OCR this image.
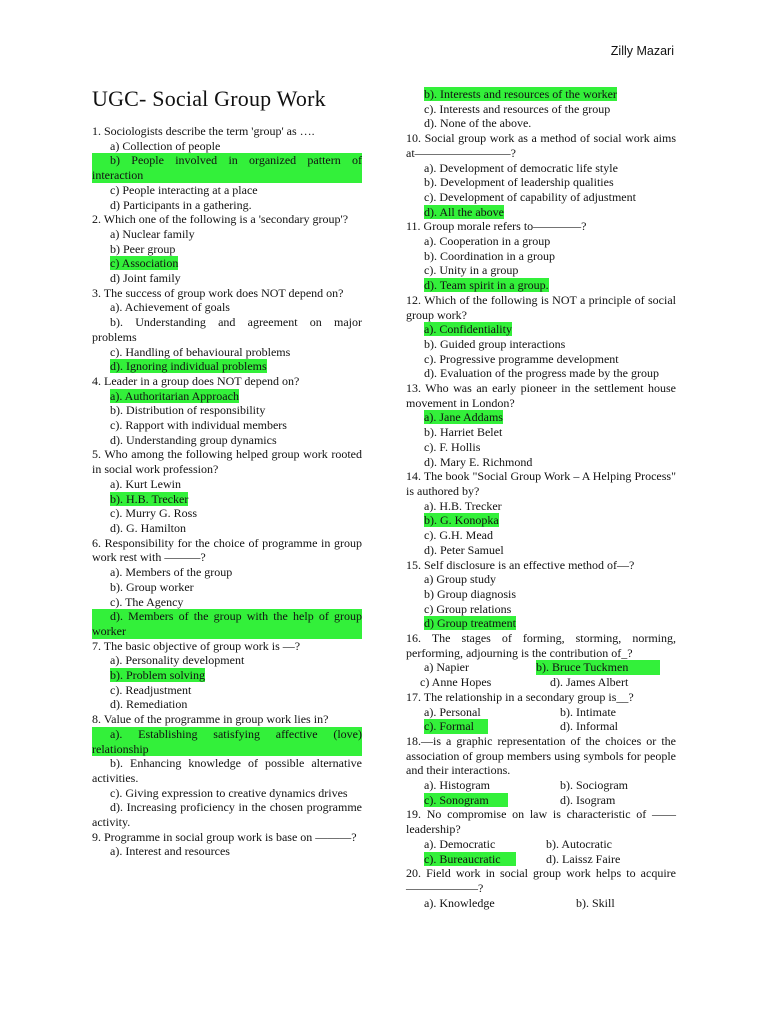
Zilly Mazari
UGC- Social Group Work
1. Sociologists describe the term 'group' as ….
a) Collection of people
b) People involved in organized pattern of interaction
c) People interacting at a place
d) Participants in a gathering.
2. Which one of the following is a 'secondary group'?
a) Nuclear family
b) Peer group
c) Association
d) Joint family
3. The success of group work does NOT depend on?
a). Achievement of goals
b). Understanding and agreement on major problems
c). Handling of behavioural problems
d). Ignoring individual problems
4. Leader in a group does NOT depend on?
a). Authoritarian Approach
b). Distribution of responsibility
c). Rapport with individual members
d). Understanding group dynamics
5. Who among the following helped group work rooted in social work profession?
a). Kurt Lewin
b). H.B. Trecker
c). Murry G. Ross
d). G. Hamilton
6. Responsibility for the choice of programme in group work rest with ———?
a). Members of the group
b). Group worker
c). The Agency
d). Members of the group with the help of group worker
7. The basic objective of group work is —?
a). Personality development
b). Problem solving
c). Readjustment
d). Remediation
8. Value of the programme in group work lies in?
a). Establishing satisfying affective (love) relationship
b). Enhancing knowledge of possible alternative activities.
c). Giving expression to creative dynamics drives
d). Increasing proficiency in the chosen programme activity.
9. Programme in social group work is base on ———?
a). Interest and resources
b). Interests and resources of the worker
c). Interests and resources of the group
d). None of the above.
10. Social group work as a method of social work aims at————————?
a). Development of democratic life style
b). Development of leadership qualities
c). Development of capability of adjustment
d). All the above
11. Group morale refers to————?
a). Cooperation in a group
b). Coordination in a group
c). Unity in a group
d). Team spirit in a group.
12. Which of the following is NOT a principle of social group work?
a). Confidentiality
b). Guided group interactions
c). Progressive programme development
d). Evaluation of the progress made by the group
13. Who was an early pioneer in the settlement house movement in London?
a). Jane Addams
b). Harriet Belet
c). F. Hollis
d). Mary E. Richmond
14. The book "Social Group Work – A Helping Process" is authored by?
a). H.B. Trecker
b). G. Konopka
c). G.H. Mead
d). Peter Samuel
15. Self disclosure is an effective method of—?
a) Group study
b) Group diagnosis
c) Group relations
d) Group treatment
16. The stages of forming, storming, norming, performing, adjourning is the contribution of_?
a) Napier	b). Bruce Tuckmen
c) Anne Hopes	d). James Albert
17. The relationship in a secondary group is__?
a). Personal	b). Intimate
c). Formal	d). Informal
18.—is a graphic representation of the choices or the association of group members using symbols for people and their interactions.
a). Histogram	b). Sociogram
c). Sonogram	d). Isogram
19. No compromise on law is characteristic of ——leadership?
a). Democratic	b). Autocratic
c). Bureaucratic	d). Laissz Faire
20. Field work in social group work helps to acquire——————?
a). Knowledge	b). Skill
